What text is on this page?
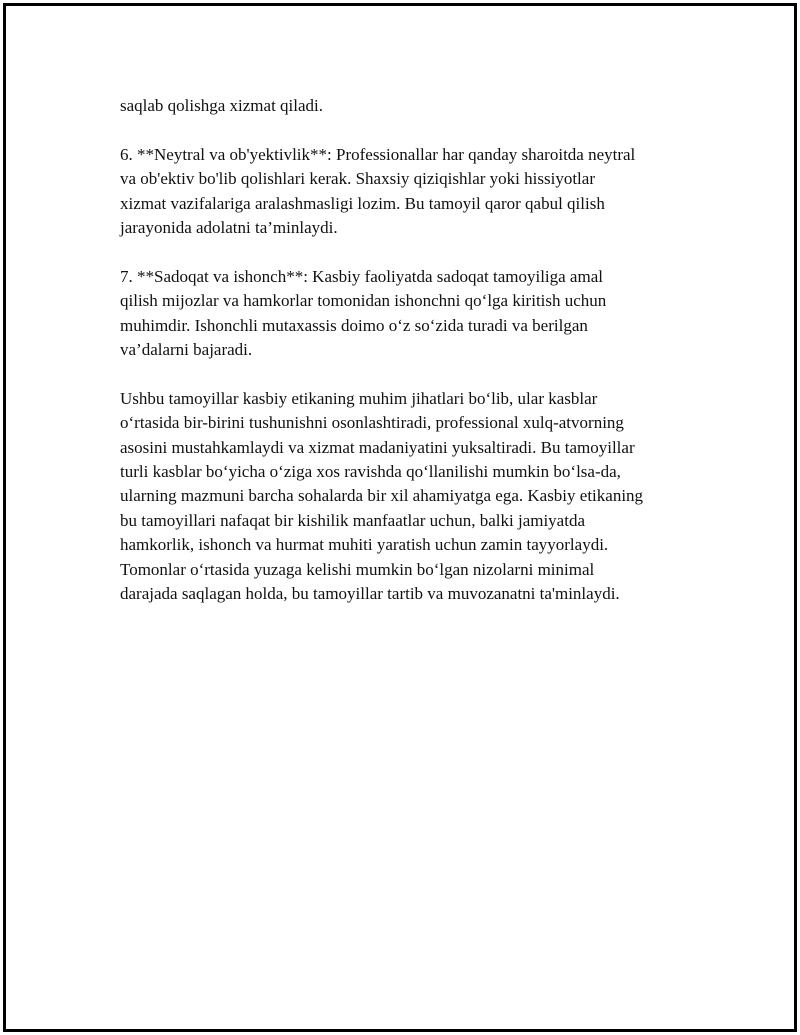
saqlab qolishga xizmat qiladi.

6. **Neytral va ob'yektivlik**: Professionallar har qanday sharoitda neytral
va ob'ektiv bo'lib qolishlari kerak. Shaxsiy qiziqishlar yoki hissiyotlar
xizmat vazifalariga aralashmasligi lozim. Bu tamoyil qaror qabul qilish
jarayonida adolatni ta’minlaydi.

7. **Sadoqat va ishonch**: Kasbiy faoliyatda sadoqat tamoyiliga amal
qilish mijozlar va hamkorlar tomonidan ishonchni qo‘lga kiritish uchun
muhimdir. Ishonchli mutaxassis doimo o‘z so‘zida turadi va berilgan
va’dalarni bajaradi.

Ushbu tamoyillar kasbiy etikaning muhim jihatlari bo‘lib, ular kasblar
o‘rtasida bir-birini tushunishni osonlashtiradi, professional xulq-atvorning
asosini mustahkamlaydi va xizmat madaniyatini yuksaltiradi. Bu tamoyillar
turli kasblar bo‘yicha o‘ziga xos ravishda qo‘llanilishi mumkin bo‘lsa-da,
ularning mazmuni barcha sohalarda bir xil ahamiyatga ega. Kasbiy etikaning
bu tamoyillari nafaqat bir kishilik manfaatlar uchun, balki jamiyatda
hamkorlik, ishonch va hurmat muhiti yaratish uchun zamin tayyorlaydi.
Tomonlar o‘rtasida yuzaga kelishi mumkin bo‘lgan nizolarni minimal
darajada saqlagan holda, bu tamoyillar tartib va muvozanatni ta'minlaydi.
